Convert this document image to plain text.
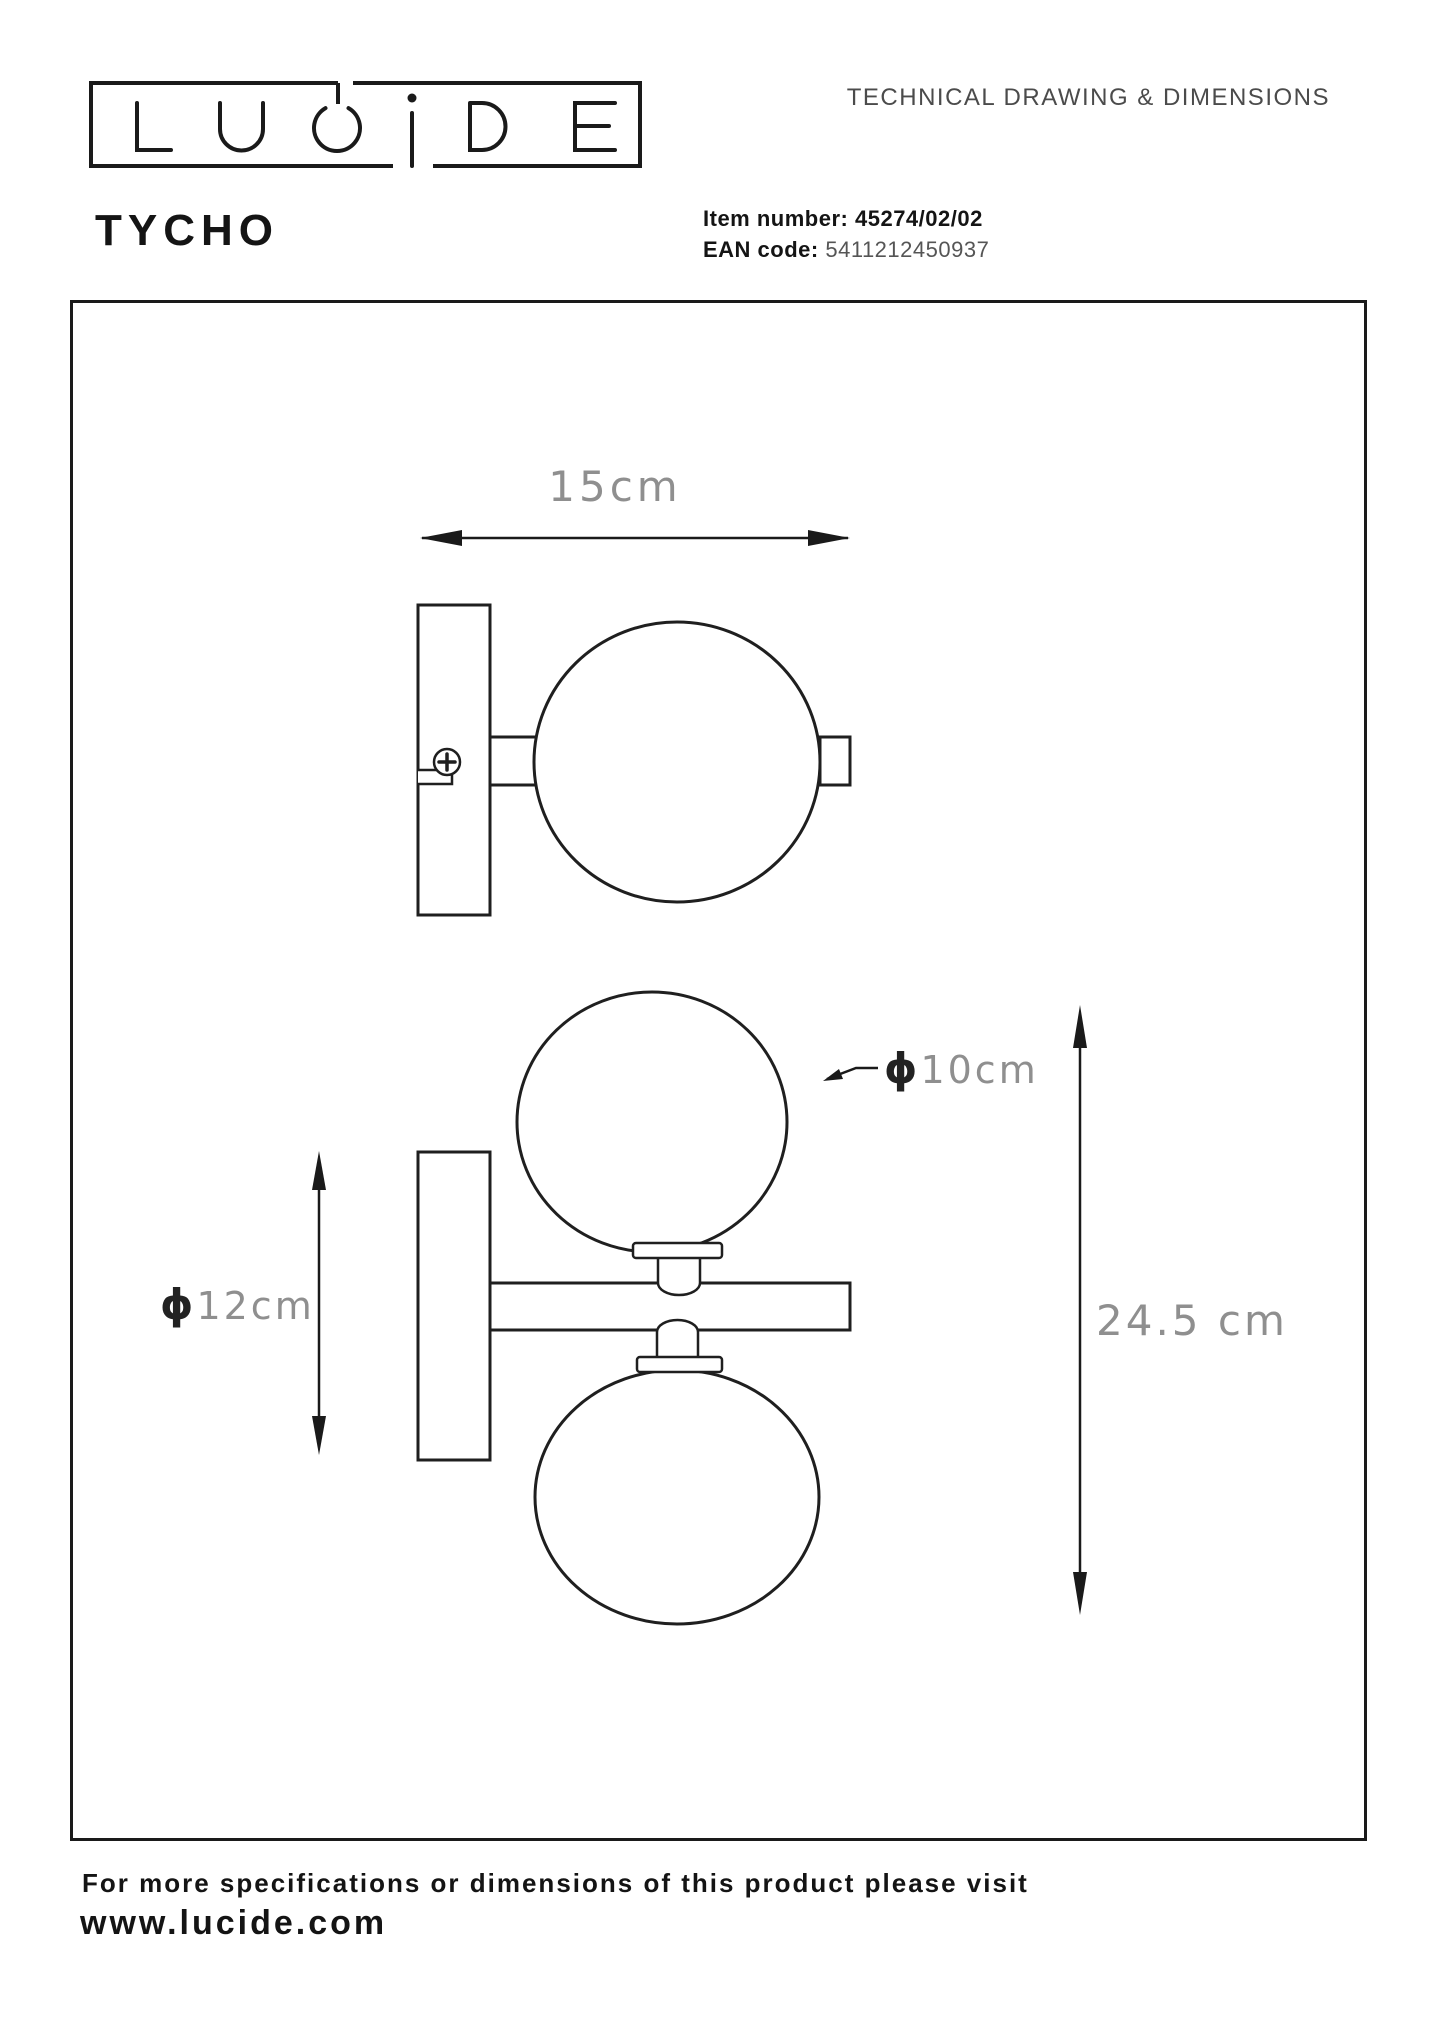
TECHNICAL DRAWING & DIMENSIONS
TYCHO	Item number: 45274/02/02
EAN code: 5411212450937
15cm
ϕ10cm
ϕ12cm	24.5 cm
For more specifications or dimensions of this product please visit
www.lucide.com
